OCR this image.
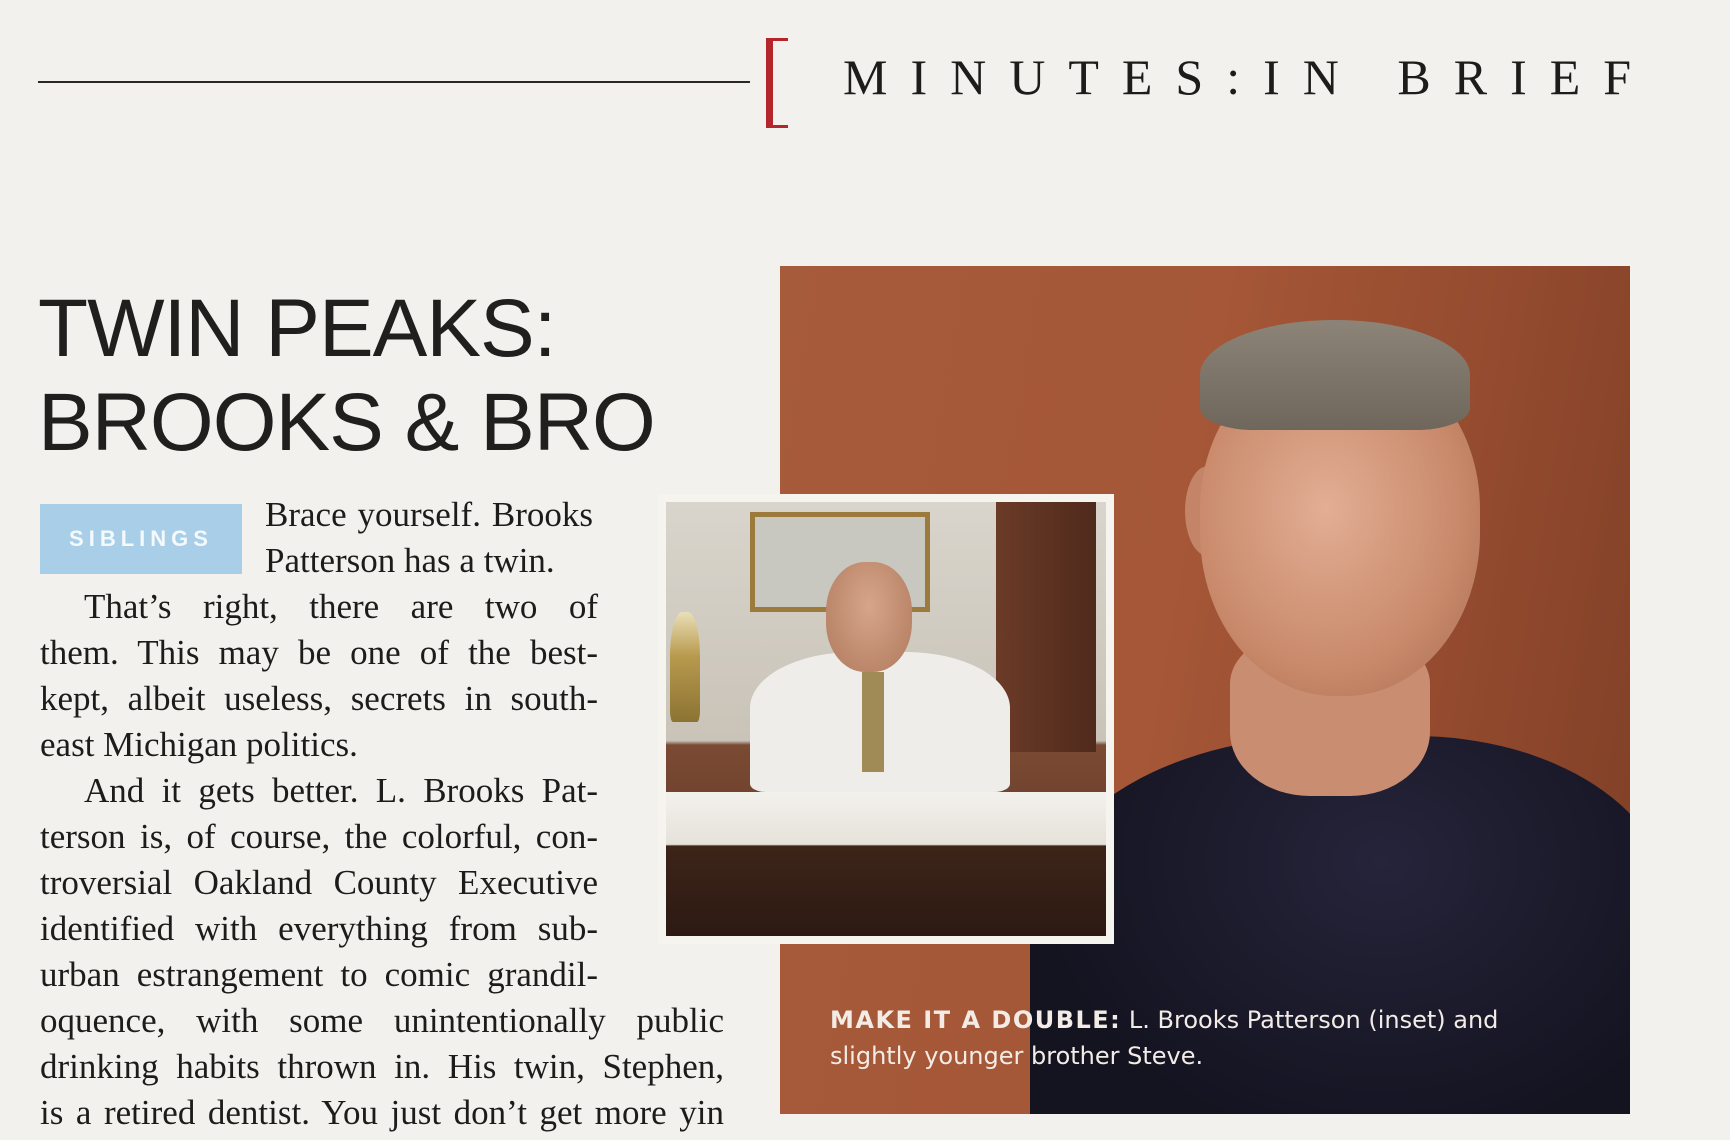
MINUTES:IN BRIEF
TWIN PEAKS:
BROOKS & BRO
SIBLINGS
Brace yourself. Brooks
Patterson has a twin.
That’s right, there are two of
them. This may be one of the best-
kept, albeit useless, secrets in south-
east Michigan politics.
And it gets better. L. Brooks Pat-
terson is, of course, the colorful, con-
troversial Oakland County Executive
identified with everything from sub-
urban estrangement to comic grandil-
oquence, with some unintentionally public
drinking habits thrown in. His twin, Stephen,
is a retired dentist. You just don’t get more yin
MAKE IT A DOUBLE: L. Brooks Patterson (inset) and slightly younger brother Steve.
